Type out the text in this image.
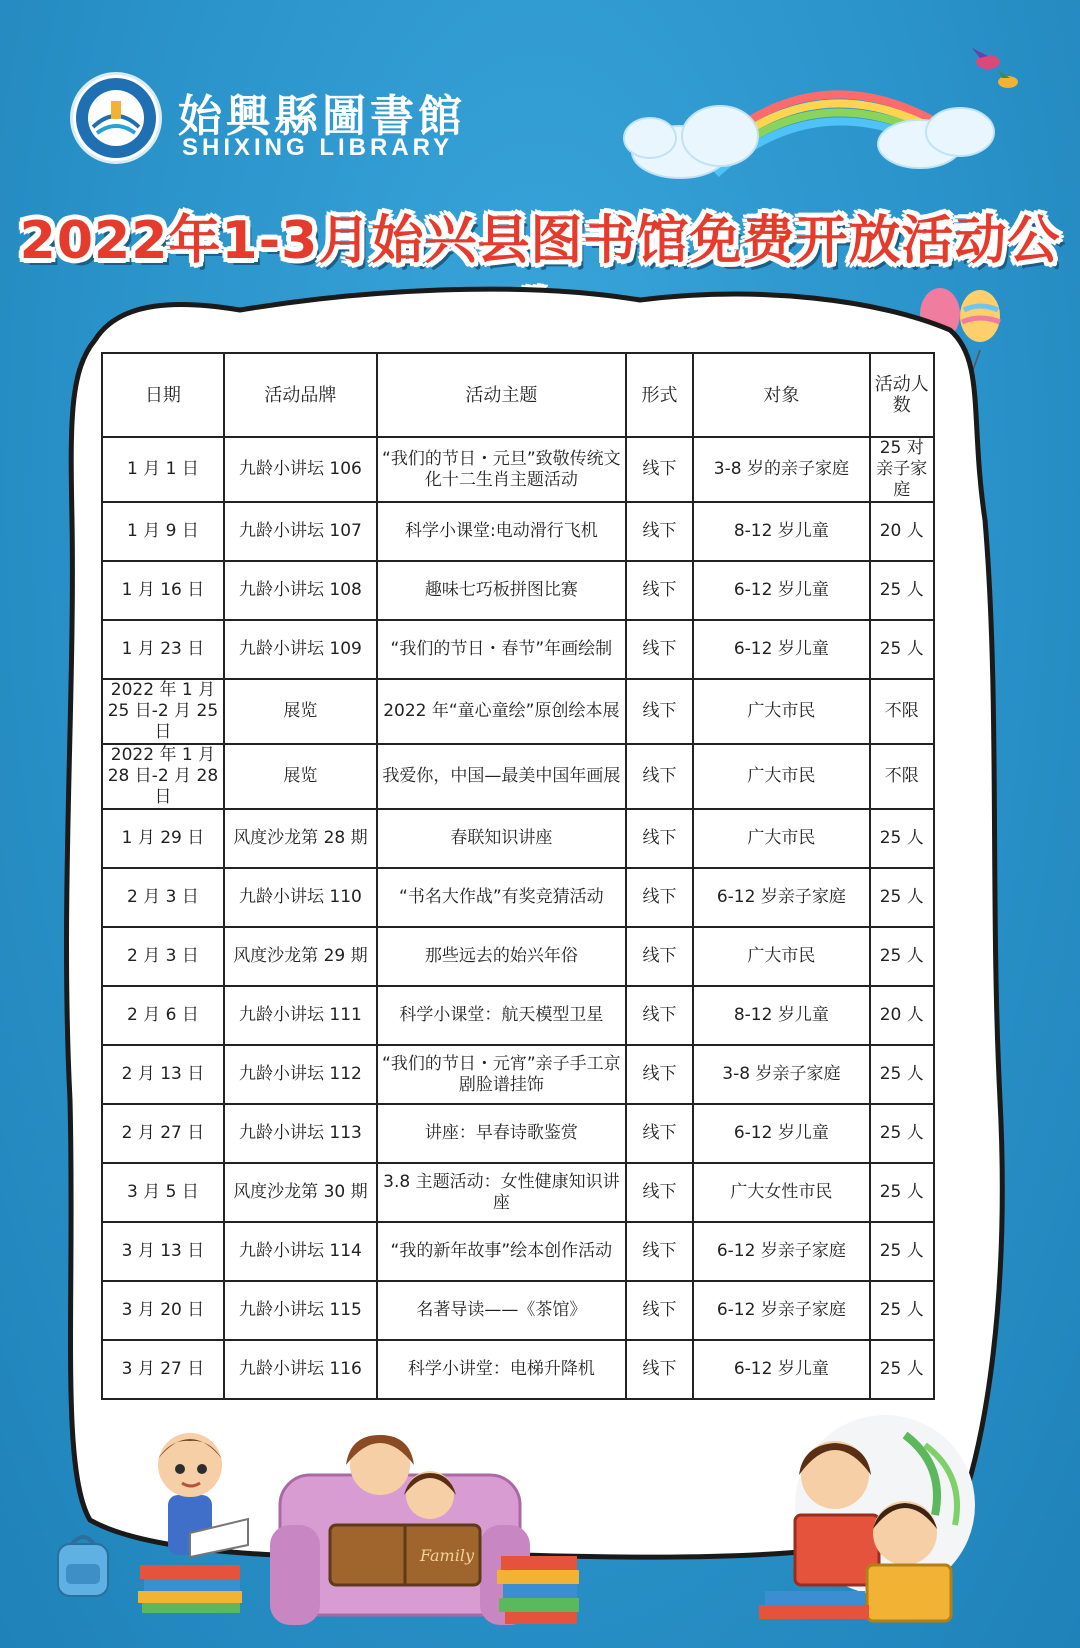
始興縣圖書館
SHIXING LIBRARY
2022年1-3月始兴县图书馆免费开放活动公
日期	活动品牌	活动主题	形式	对象	活动人数
1 月 1 日	九龄小讲坛 106	“我们的节日・元旦”致敬传统文化十二生肖主题活动	线下	3-8 岁的亲子家庭	25 对亲子家庭
1 月 9 日	九龄小讲坛 107	科学小课堂:电动滑行飞机	线下	8-12 岁儿童	20 人
1 月 16 日	九龄小讲坛 108	趣味七巧板拼图比赛	线下	6-12 岁儿童	25 人
1 月 23 日	九龄小讲坛 109	“我们的节日・春节”年画绘制	线下	6-12 岁儿童	25 人
2022 年 1 月 25 日-2 月 25 日	展览	2022 年“童心童绘”原创绘本展	线下	广大市民	不限
2022 年 1 月 28 日-2 月 28 日	展览	我爱你，中国—最美中国年画展	线下	广大市民	不限
1 月 29 日	风度沙龙第 28 期	春联知识讲座	线下	广大市民	25 人
2 月 3 日	九龄小讲坛 110	“书名大作战”有奖竞猜活动	线下	6-12 岁亲子家庭	25 人
2 月 3 日	风度沙龙第 29 期	那些远去的始兴年俗	线下	广大市民	25 人
2 月 6 日	九龄小讲坛 111	科学小课堂：航天模型卫星	线下	8-12 岁儿童	20 人
2 月 13 日	九龄小讲坛 112	“我们的节日・元宵”亲子手工京剧脸谱挂饰	线下	3-8 岁亲子家庭	25 人
2 月 27 日	九龄小讲坛 113	讲座：早春诗歌鉴赏	线下	6-12 岁儿童	25 人
3 月 5 日	风度沙龙第 30 期	3.8 主题活动：女性健康知识讲座	线下	广大女性市民	25 人
3 月 13 日	九龄小讲坛 114	“我的新年故事”绘本创作活动	线下	6-12 岁亲子家庭	25 人
3 月 20 日	九龄小讲坛 115	名著导读——《茶馆》	线下	6-12 岁亲子家庭	25 人
3 月 27 日	九龄小讲坛 116	科学小讲堂：电梯升降机	线下	6-12 岁儿童	25 人
Family
